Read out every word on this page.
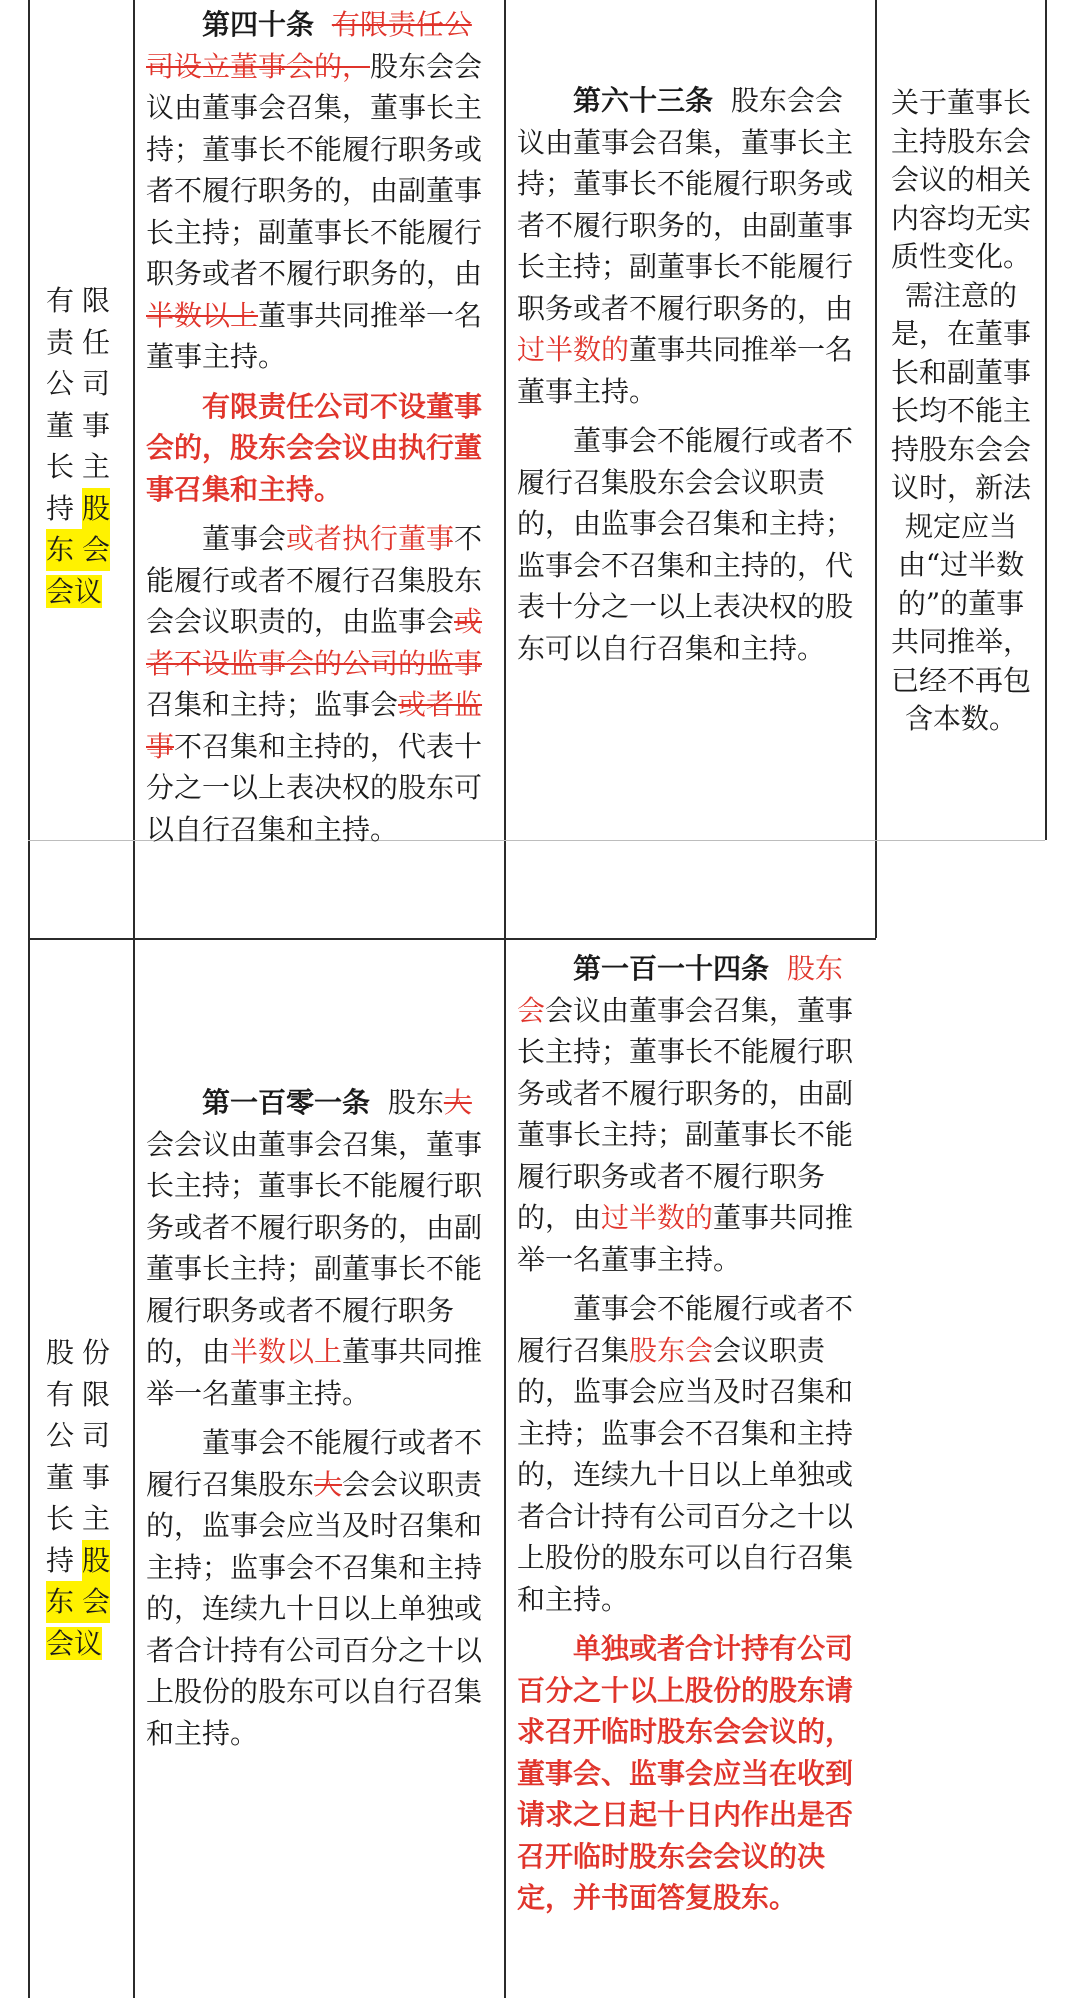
有 限
责 任
公 司
董 事
长 主
持 股
东 会
会议

第四十条 有限责任公司设立董事会的，股东会会议由董事会召集，董事长主持；董事长不能履行职务或者不履行职务的，由副董事长主持；副董事长不能履行职务或者不履行职务的，由半数以上董事共同推举一名董事主持。

有限责任公司不设董事会的，股东会会议由执行董事召集和主持。

董事会或者执行董事不能履行或者不履行召集股东会会议职责的，由监事会或者不设监事会的公司的监事召集和主持；监事会或者监事不召集和主持的，代表十分之一以上表决权的股东可以自行召集和主持。

第六十三条 股东会会议由董事会召集，董事长主持；董事长不能履行职务或者不履行职务的，由副董事长主持；副董事长不能履行职务或者不履行职务的，由过半数的董事共同推举一名董事主持。

董事会不能履行或者不履行召集股东会会议职责的，由监事会召集和主持；监事会不召集和主持的，代表十分之一以上表决权的股东可以自行召集和主持。

关于董事长主持股东会会议的相关内容均无实质性变化。

需注意的是，在董事长和副董事长均不能主持股东会会议时，新法规定应当由“过半数的”的董事共同推举，已经不再包含本数。

股 份
有 限
公 司
董 事
长 主
持 股
东 会
会议

第一百零一条 股东大会会议由董事会召集，董事长主持；董事长不能履行职务或者不履行职务的，由副董事长主持；副董事长不能履行职务或者不履行职务的，由半数以上董事共同推举一名董事主持。

董事会不能履行或者不履行召集股东大会会议职责的，监事会应当及时召集和主持；监事会不召集和主持的，连续九十日以上单独或者合计持有公司百分之十以上股份的股东可以自行召集和主持。

第一百一十四条 股东会会议由董事会召集，董事长主持；董事长不能履行职务或者不履行职务的，由副董事长主持；副董事长不能履行职务或者不履行职务的，由过半数的董事共同推举一名董事主持。

董事会不能履行或者不履行召集股东会会议职责的，监事会应当及时召集和主持；监事会不召集和主持的，连续九十日以上单独或者合计持有公司百分之十以上股份的股东可以自行召集和主持。

单独或者合计持有公司百分之十以上股份的股东请求召开临时股东会会议的，董事会、监事会应当在收到请求之日起十日内作出是否召开临时股东会会议的决定，并书面答复股东。
